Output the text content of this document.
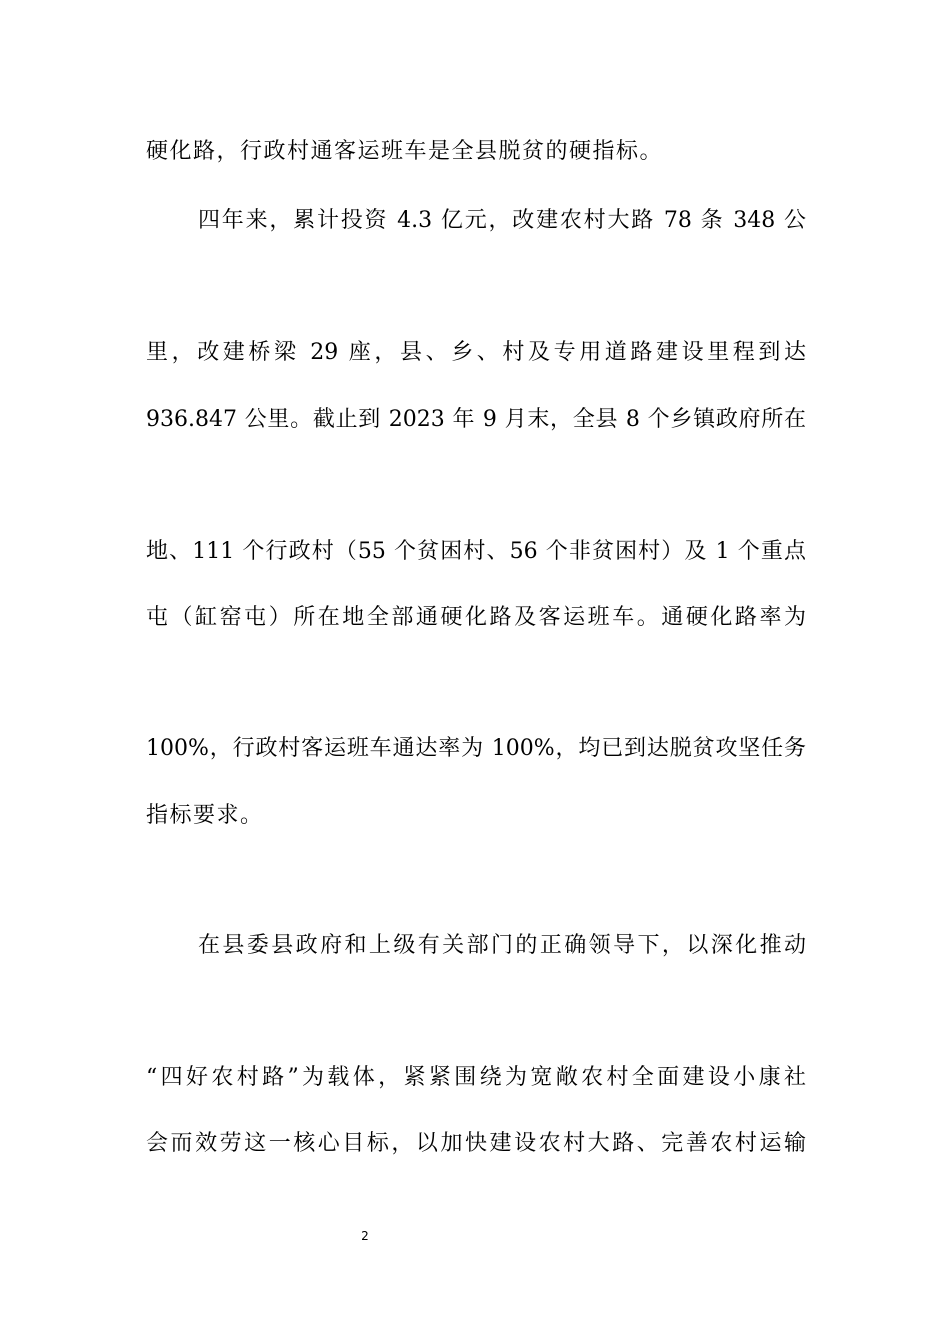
硬化路，行政村通客运班车是全县脱贫的硬指标。
四年来，累计投资 4.3 亿元，改建农村大路 78 条 348 公
里，改建桥梁 29 座，县、乡、村及专用道路建设里程到达
936.847 公里。截止到 2023 年 9 月末，全县 8 个乡镇政府所在
地、111 个行政村（55 个贫困村、56 个非贫困村）及 1 个重点
屯（缸窑屯）所在地全部通硬化路及客运班车。通硬化路率为
100%，行政村客运班车通达率为 100%，均已到达脱贫攻坚任务
指标要求。
在县委县政府和上级有关部门的正确领导下，以深化推动
“四好农村路”为载体，紧紧围绕为宽敞农村全面建设小康社
会而效劳这一核心目标，以加快建设农村大路、完善农村运输
2
